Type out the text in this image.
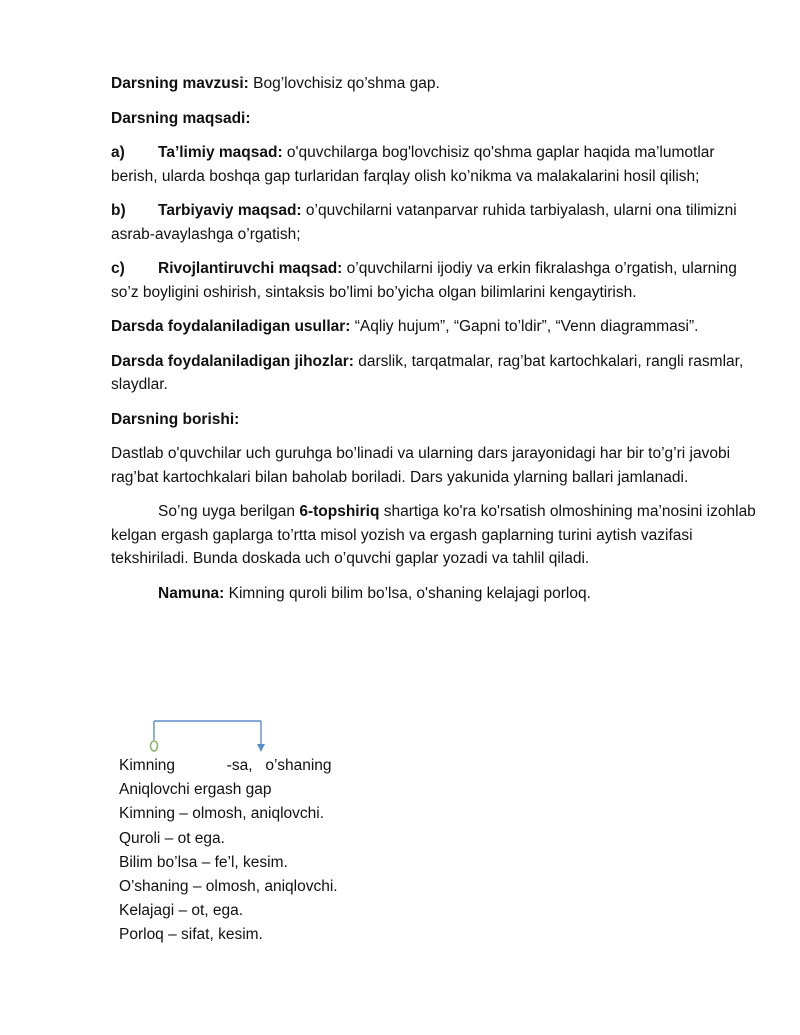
Darsning mavzusi: Bog’lovchisiz qo’shma gap.

Darsning maqsadi:

a) Ta’limiy maqsad: o'quvchilarga bog'lovchisiz qo'shma gaplar haqida ma’lumotlar berish, ularda boshqa gap turlaridan farqlay olish ko’nikma va malakalarini hosil qilish;

b) Tarbiyaviy maqsad: o’quvchilarni vatanparvar ruhida tarbiyalash, ularni ona tilimizni asrab-avaylashga o’rgatish;

c) Rivojlantiruvchi maqsad: o’quvchilarni ijodiy va erkin fikralashga o’rgatish, ularning so’z boyligini oshirish, sintaksis bo’limi bo’yicha olgan bilimlarini kengaytirish.

Darsda foydalaniladigan usullar: “Aqliy hujum”, “Gapni to’ldir”, “Venn diagrammasi”.

Darsda foydalaniladigan jihozlar: darslik, tarqatmalar, rag’bat kartochkalari, rangli rasmlar, slaydlar.

Darsning borishi:

Dastlab o'quvchilar uch guruhga bo’linadi va ularning dars jarayonidagi har bir to’g’ri javobi rag’bat kartochkalari bilan baholab boriladi. Dars yakunida ylarning ballari jamlanadi.

So’ng uyga berilgan 6-topshiriq shartiga ko'ra ko'rsatish olmoshining ma’nosini izohlab kelgan ergash gaplarga to’rtta misol yozish va ergash gaplarning turini aytish vazifasi tekshiriladi. Bunda doskada uch o’quvchi gaplar yozadi va tahlil qiladi.

Namuna: Kimning quroli bilim bo’lsa, o'shaning kelajagi porloq.

Kimning            -sa,   o’shaning
Aniqlovchi ergash gap
Kimning – olmosh, aniqlovchi.
Quroli – ot ega.
Bilim bo’lsa – fe’l, kesim.
O’shaning – olmosh, aniqlovchi.
Kelajagi – ot, ega.
Porloq – sifat, kesim.
